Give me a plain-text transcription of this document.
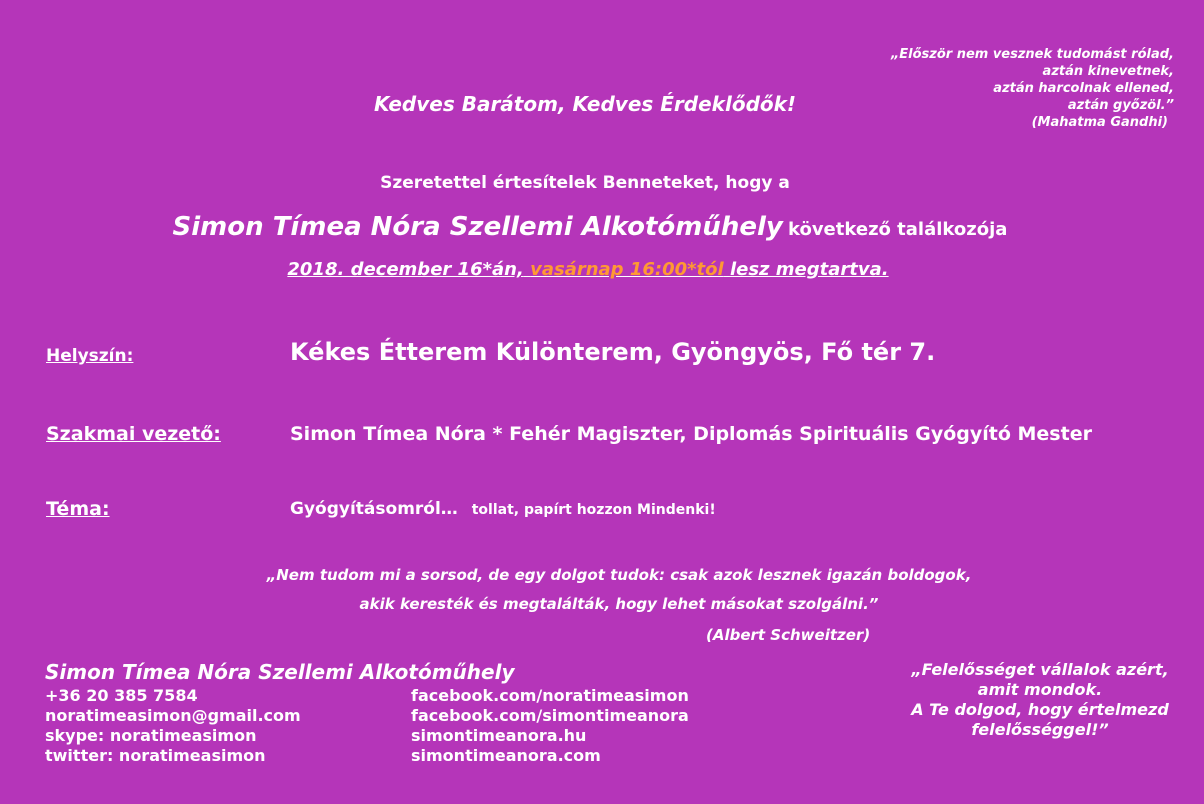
„Először nem vesznek tudomást rólad,
aztán kinevetnek,
aztán harcolnak ellened,
aztán győzöl.”
(Mahatma Gandhi)
Kedves Barátom, Kedves Érdeklődők!
Szeretettel értesítelek Benneteket, hogy a
Simon Tímea Nóra Szellemi Alkotóműhely következő találkozója
2018. december 16*án, vasárnap 16:00*tól lesz megtartva.
Helyszín:	Kékes Étterem Különterem, Gyöngyös, Fő tér 7.
Szakmai vezető:	Simon Tímea Nóra * Fehér Magiszter, Diplomás Spirituális Gyógyító Mester
Téma:	Gyógyításomról… tollat, papírt hozzon Mindenki!
„Nem tudom mi a sorsod, de egy dolgot tudok: csak azok lesznek igazán boldogok,
akik keresték és megtalálták, hogy lehet másokat szolgálni.”
(Albert Schweitzer)
Simon Tímea Nóra Szellemi Alkotóműhely
+36 20 385 7584
noratimeasimon@gmail.com
skype: noratimeasimon
twitter: noratimeasimon
facebook.com/noratimeasimon
facebook.com/simontimeanora
simontimeanora.hu
simontimeanora.com
„Felelősséget vállalok azért,
amit mondok.
A Te dolgod, hogy értelmezd
felelősséggel!”
